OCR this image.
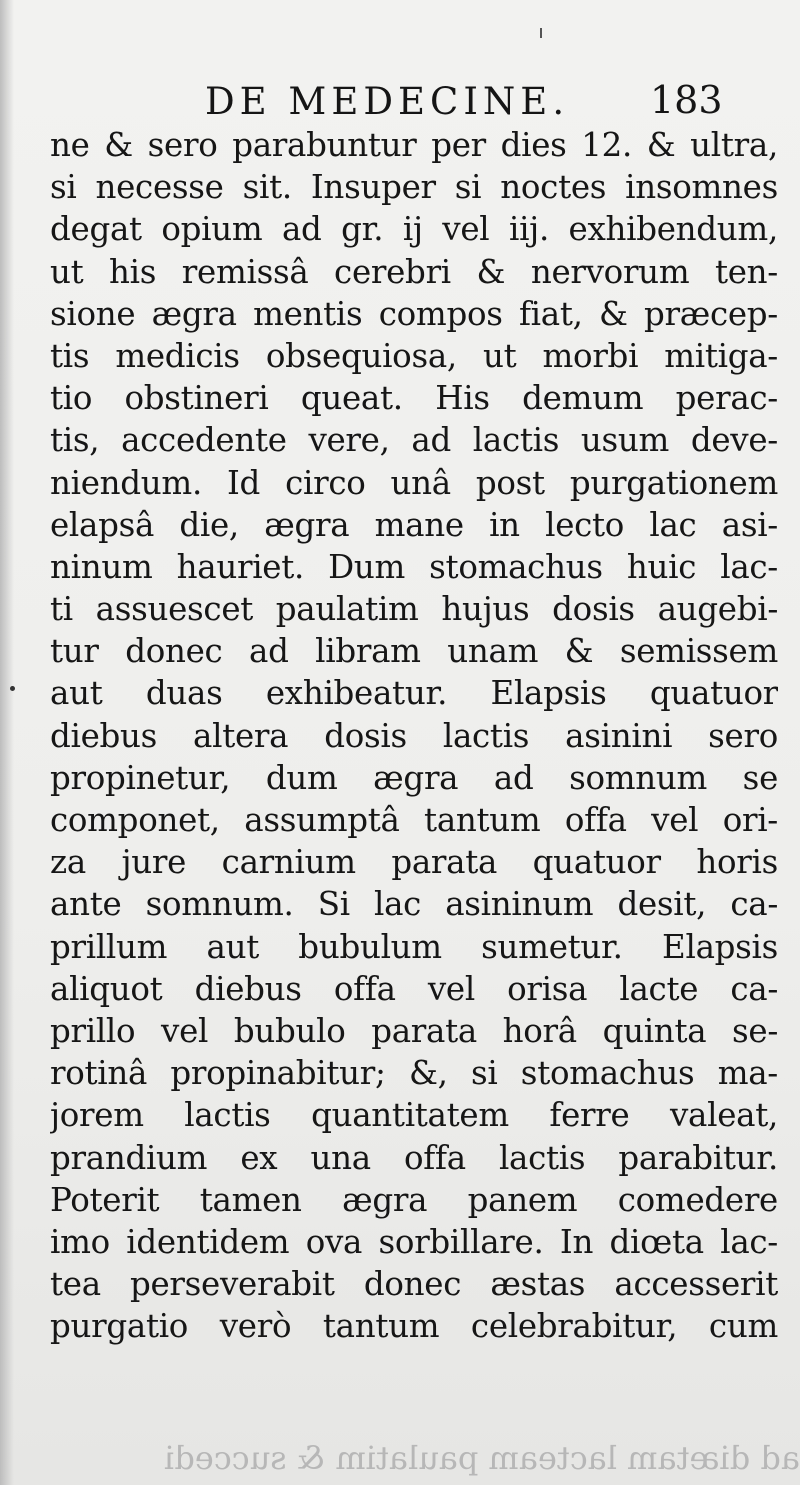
DE MEDECINE. 183
ne & sero parabuntur per dies 12. & ultra,
si necesse sit. Insuper si noctes insomnes
degat opium ad gr. ij vel iij. exhibendum,
ut his remissâ cerebri & nervorum ten-
sione ægra mentis compos fiat, & præcep-
tis medicis obsequiosa, ut morbi mitiga-
tio obstineri queat. His demum perac-
tis, accedente vere, ad lactis usum deve-
niendum. Id circo unâ post purgationem
elapsâ die, ægra mane in lecto lac asi-
ninum hauriet. Dum stomachus huic lac-
ti assuescet paulatim hujus dosis augebi-
tur donec ad libram unam & semissem
aut duas exhibeatur. Elapsis quatuor
diebus altera dosis lactis asinini sero
propinetur, dum ægra ad somnum se
componet, assumptâ tantum offa vel ori-
za jure carnium parata quatuor horis
ante somnum. Si lac asininum desit, ca-
prillum aut bubulum sumetur. Elapsis
aliquot diebus offa vel orisa lacte ca-
prillo vel bubulo parata horâ quinta se-
rotinâ propinabitur; &, si stomachus ma-
jorem lactis quantitatem ferre valeat,
prandium ex una offa lactis parabitur.
Poterit tamen ægra panem comedere
imo identidem ova sorbillare. In diœta lac-
tea perseverabit donec æstas accesserit
purgatio verò tantum celebrabitur, cum
ad diætam lacteam paulatim & succedi
